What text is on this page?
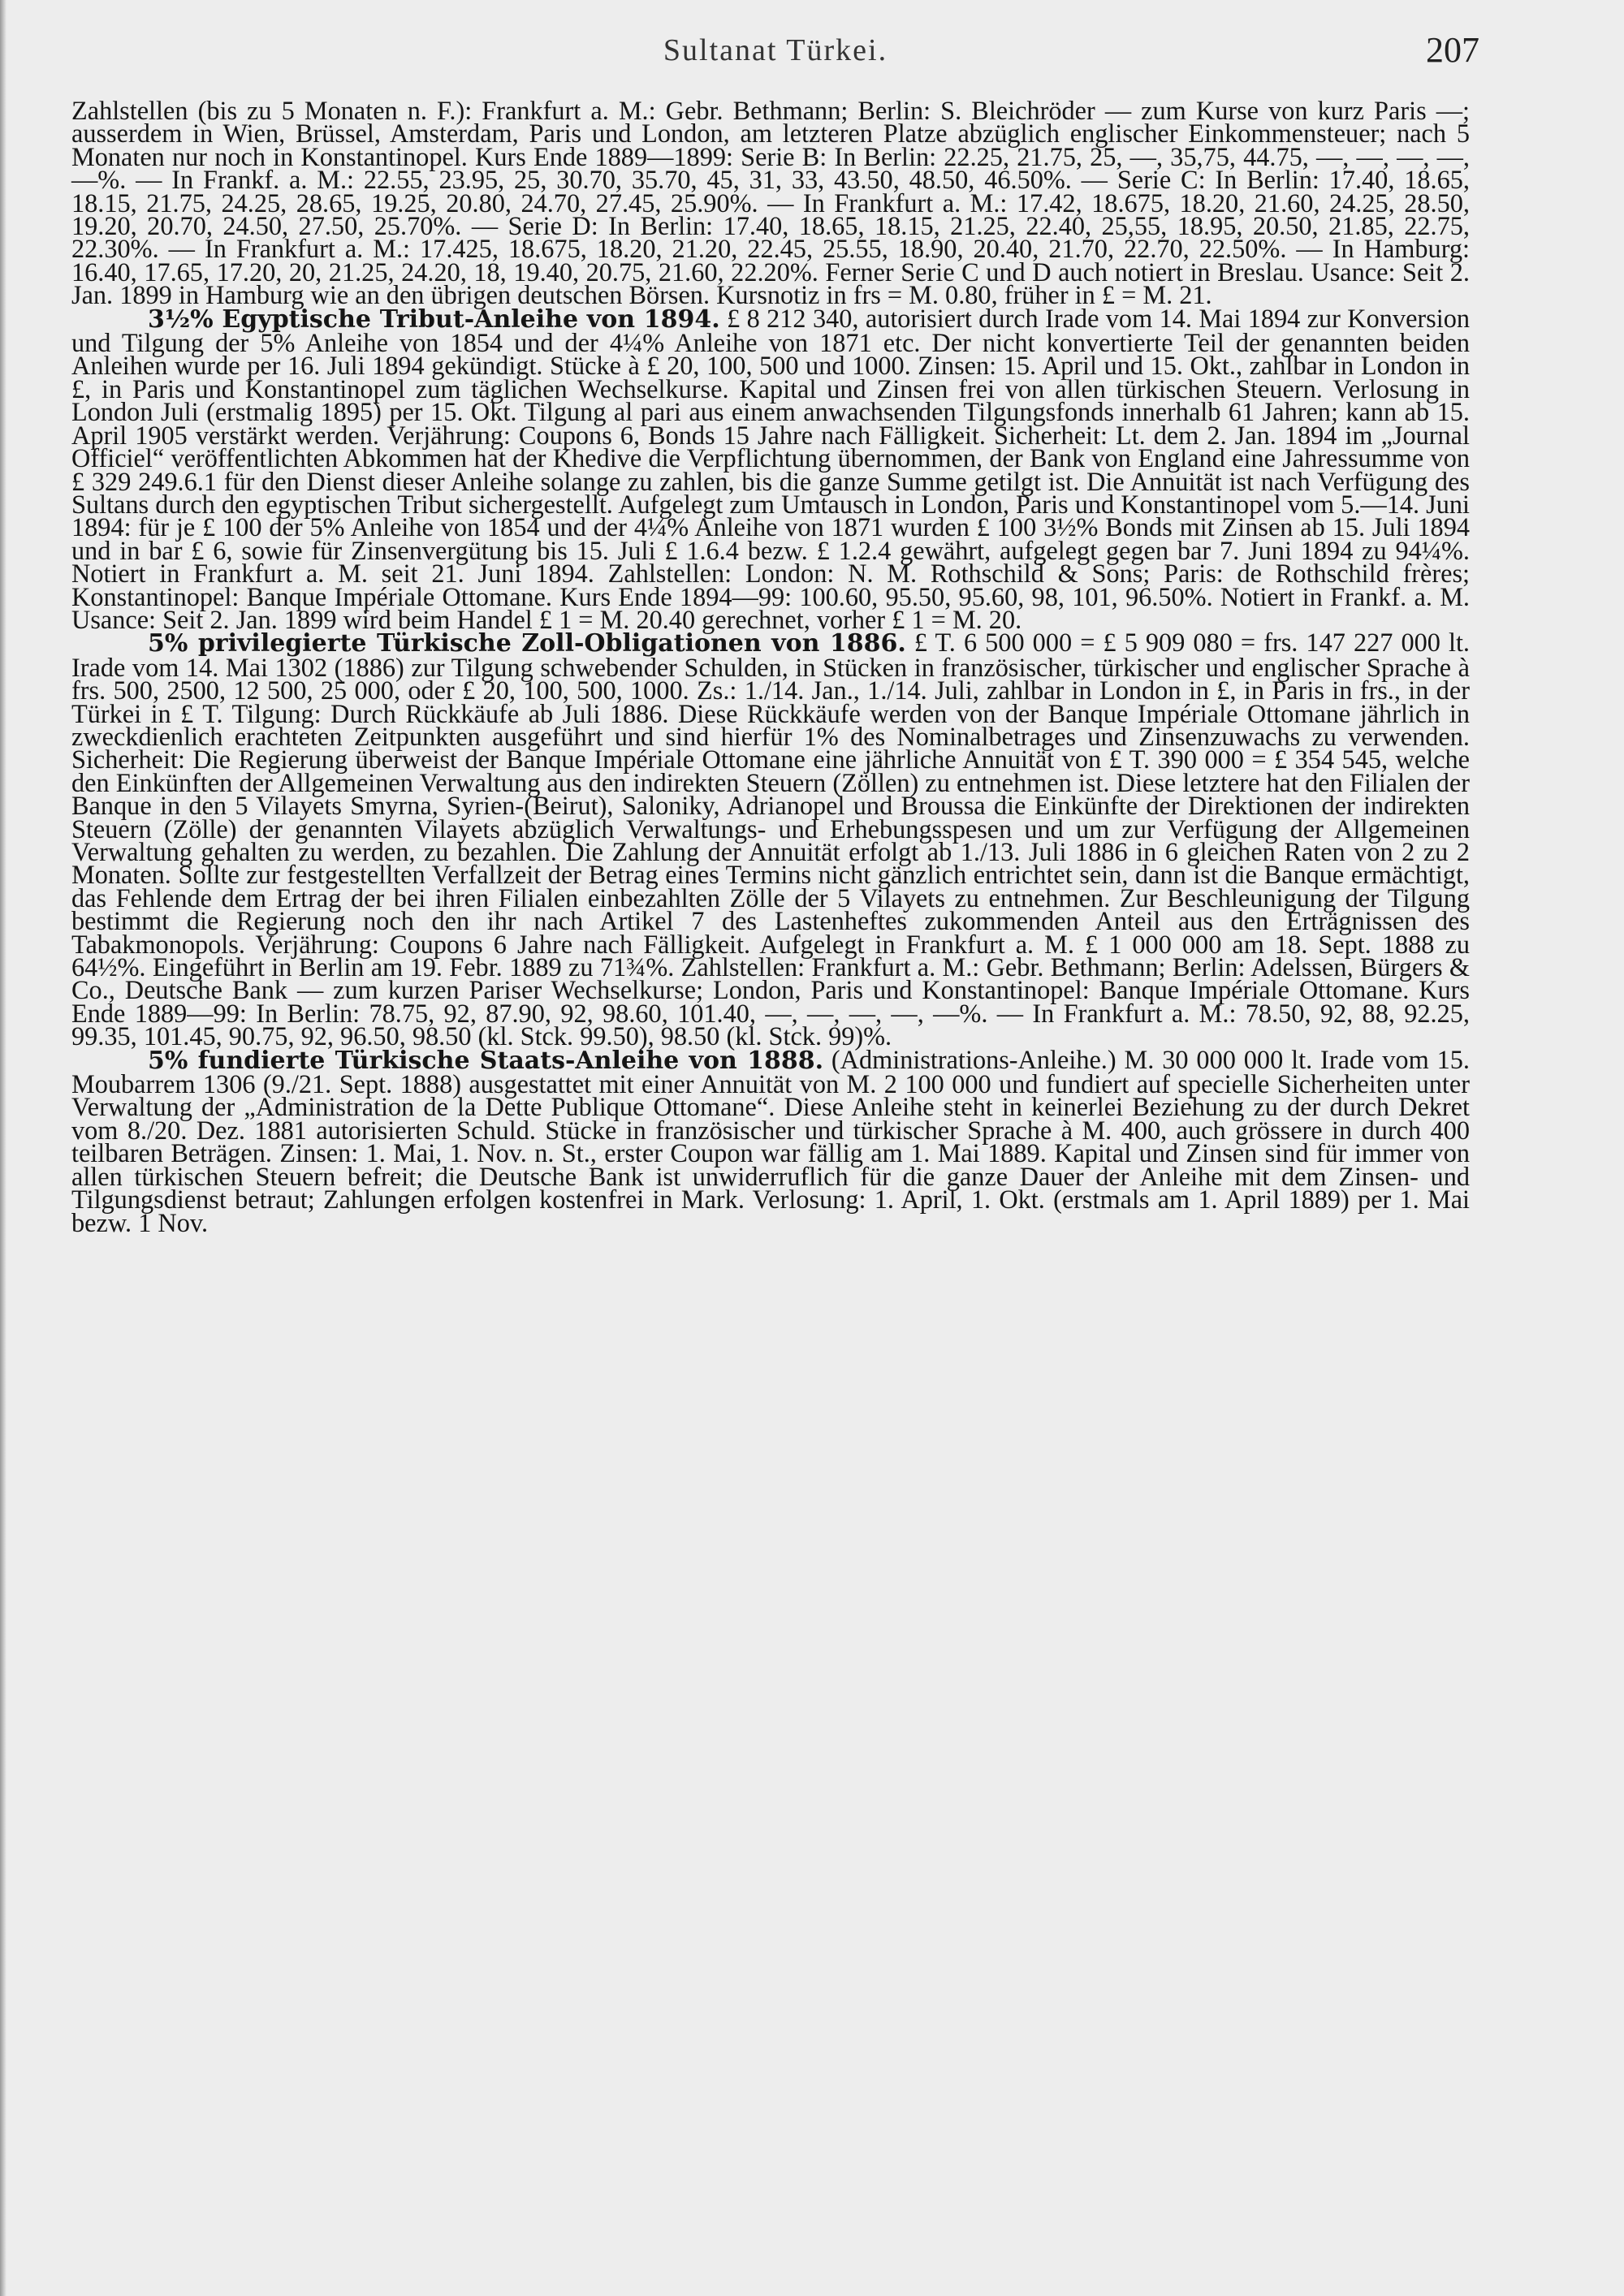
Sultanat Türkei.	207

Zahlstellen (bis zu 5 Monaten n. F.): Frankfurt a. M.: Gebr. Bethmann; Berlin: S. Bleichröder — zum Kurse von kurz Paris —; ausserdem in Wien, Brüssel, Amsterdam, Paris und London, am letzteren Platze abzüglich englischer Einkommensteuer; nach 5 Monaten nur noch in Konstantinopel. Kurs Ende 1889—1899: Serie B: In Berlin: 22.25, 21.75, 25, —, 35,75, 44.75, —, —, —, —, —%. — In Frankf. a. M.: 22.55, 23.95, 25, 30.70, 35.70, 45, 31, 33, 43.50, 48.50, 46.50%. — Serie C: In Berlin: 17.40, 18.65, 18.15, 21.75, 24.25, 28.65, 19.25, 20.80, 24.70, 27.45, 25.90%. — In Frankfurt a. M.: 17.42, 18.675, 18.20, 21.60, 24.25, 28.50, 19.20, 20.70, 24.50, 27.50, 25.70%. — Serie D: In Berlin: 17.40, 18.65, 18.15, 21.25, 22.40, 25,55, 18.95, 20.50, 21.85, 22.75, 22.30%. — In Frankfurt a. M.: 17.425, 18.675, 18.20, 21.20, 22.45, 25.55, 18.90, 20.40, 21.70, 22.70, 22.50%. — In Hamburg: 16.40, 17.65, 17.20, 20, 21.25, 24.20, 18, 19.40, 20.75, 21.60, 22.20%. Ferner Serie C und D auch notiert in Breslau. Usance: Seit 2. Jan. 1899 in Hamburg wie an den übrigen deutschen Börsen. Kursnotiz in frs = M. 0.80, früher in £ = M. 21.

3½% Egyptische Tribut-Anleihe von 1894. £ 8 212 340, autorisiert durch Irade vom 14. Mai 1894 zur Konversion und Tilgung der 5% Anleihe von 1854 und der 4¼% Anleihe von 1871 etc. Der nicht konvertierte Teil der genannten beiden Anleihen wurde per 16. Juli 1894 gekündigt. Stücke à £ 20, 100, 500 und 1000. Zinsen: 15. April und 15. Okt., zahlbar in London in £, in Paris und Konstantinopel zum täglichen Wechselkurse. Kapital und Zinsen frei von allen türkischen Steuern. Verlosung in London Juli (erstmalig 1895) per 15. Okt. Tilgung al pari aus einem anwachsenden Tilgungsfonds innerhalb 61 Jahren; kann ab 15. April 1905 verstärkt werden. Verjährung: Coupons 6, Bonds 15 Jahre nach Fälligkeit. Sicherheit: Lt. dem 2. Jan. 1894 im „Journal Officiel“ veröffentlichten Abkommen hat der Khedive die Verpflichtung übernommen, der Bank von England eine Jahressumme von £ 329 249.6.1 für den Dienst dieser Anleihe solange zu zahlen, bis die ganze Summe getilgt ist. Die Annuität ist nach Verfügung des Sultans durch den egyptischen Tribut sichergestellt. Aufgelegt zum Umtausch in London, Paris und Konstantinopel vom 5.—14. Juni 1894: für je £ 100 der 5% Anleihe von 1854 und der 4¼% Anleihe von 1871 wurden £ 100 3½% Bonds mit Zinsen ab 15. Juli 1894 und in bar £ 6, sowie für Zinsenvergütung bis 15. Juli £ 1.6.4 bezw. £ 1.2.4 gewährt, aufgelegt gegen bar 7. Juni 1894 zu 94¼%. Notiert in Frankfurt a. M. seit 21. Juni 1894. Zahlstellen: London: N. M. Rothschild & Sons; Paris: de Rothschild frères; Konstantinopel: Banque Impériale Ottomane. Kurs Ende 1894—99: 100.60, 95.50, 95.60, 98, 101, 96.50%. Notiert in Frankf. a. M. Usance: Seit 2. Jan. 1899 wird beim Handel £ 1 = M. 20.40 gerechnet, vorher £ 1 = M. 20.

5% privilegierte Türkische Zoll-Obligationen von 1886. £ T. 6 500 000 = £ 5 909 080 = frs. 147 227 000 lt. Irade vom 14. Mai 1302 (1886) zur Tilgung schwebender Schulden, in Stücken in französischer, türkischer und englischer Sprache à frs. 500, 2500, 12 500, 25 000, oder £ 20, 100, 500, 1000. Zs.: 1./14. Jan., 1./14. Juli, zahlbar in London in £, in Paris in frs., in der Türkei in £ T. Tilgung: Durch Rückkäufe ab Juli 1886. Diese Rückkäufe werden von der Banque Impériale Ottomane jährlich in zweckdienlich erachteten Zeitpunkten ausgeführt und sind hierfür 1% des Nominalbetrages und Zinsenzuwachs zu verwenden. Sicherheit: Die Regierung überweist der Banque Impériale Ottomane eine jährliche Annuität von £ T. 390 000 = £ 354 545, welche den Einkünften der Allgemeinen Verwaltung aus den indirekten Steuern (Zöllen) zu entnehmen ist. Diese letztere hat den Filialen der Banque in den 5 Vilayets Smyrna, Syrien-(Beirut), Saloniky, Adrianopel und Broussa die Einkünfte der Direktionen der indirekten Steuern (Zölle) der genannten Vilayets abzüglich Verwaltungs- und Erhebungsspesen und um zur Verfügung der Allgemeinen Verwaltung gehalten zu werden, zu bezahlen. Die Zahlung der Annuität erfolgt ab 1./13. Juli 1886 in 6 gleichen Raten von 2 zu 2 Monaten. Sollte zur festgestellten Verfallzeit der Betrag eines Termins nicht gänzlich entrichtet sein, dann ist die Banque ermächtigt, das Fehlende dem Ertrag der bei ihren Filialen einbezahlten Zölle der 5 Vilayets zu entnehmen. Zur Beschleunigung der Tilgung bestimmt die Regierung noch den ihr nach Artikel 7 des Lastenheftes zukommenden Anteil aus den Erträgnissen des Tabakmonopols. Verjährung: Coupons 6 Jahre nach Fälligkeit. Aufgelegt in Frankfurt a. M. £ 1 000 000 am 18. Sept. 1888 zu 64½%. Eingeführt in Berlin am 19. Febr. 1889 zu 71¾%. Zahlstellen: Frankfurt a. M.: Gebr. Bethmann; Berlin: Adelssen, Bürgers & Co., Deutsche Bank — zum kurzen Pariser Wechselkurse; London, Paris und Konstantinopel: Banque Impériale Ottomane. Kurs Ende 1889—99: In Berlin: 78.75, 92, 87.90, 92, 98.60, 101.40, —, —, —, —, —%. — In Frankfurt a. M.: 78.50, 92, 88, 92.25, 99.35, 101.45, 90.75, 92, 96.50, 98.50 (kl. Stck. 99.50), 98.50 (kl. Stck. 99)%.

5% fundierte Türkische Staats-Anleihe von 1888. (Administrations-Anleihe.) M. 30 000 000 lt. Irade vom 15. Moubarrem 1306 (9./21. Sept. 1888) ausgestattet mit einer Annuität von M. 2 100 000 und fundiert auf specielle Sicherheiten unter Verwaltung der „Administration de la Dette Publique Ottomane“. Diese Anleihe steht in keinerlei Beziehung zu der durch Dekret vom 8./20. Dez. 1881 autorisierten Schuld. Stücke in französischer und türkischer Sprache à M. 400, auch grössere in durch 400 teilbaren Beträgen. Zinsen: 1. Mai, 1. Nov. n. St., erster Coupon war fällig am 1. Mai 1889. Kapital und Zinsen sind für immer von allen türkischen Steuern befreit; die Deutsche Bank ist unwiderruflich für die ganze Dauer der Anleihe mit dem Zinsen- und Tilgungsdienst betraut; Zahlungen erfolgen kostenfrei in Mark. Verlosung: 1. April, 1. Okt. (erstmals am 1. April 1889) per 1. Mai bezw. 1 Nov.
